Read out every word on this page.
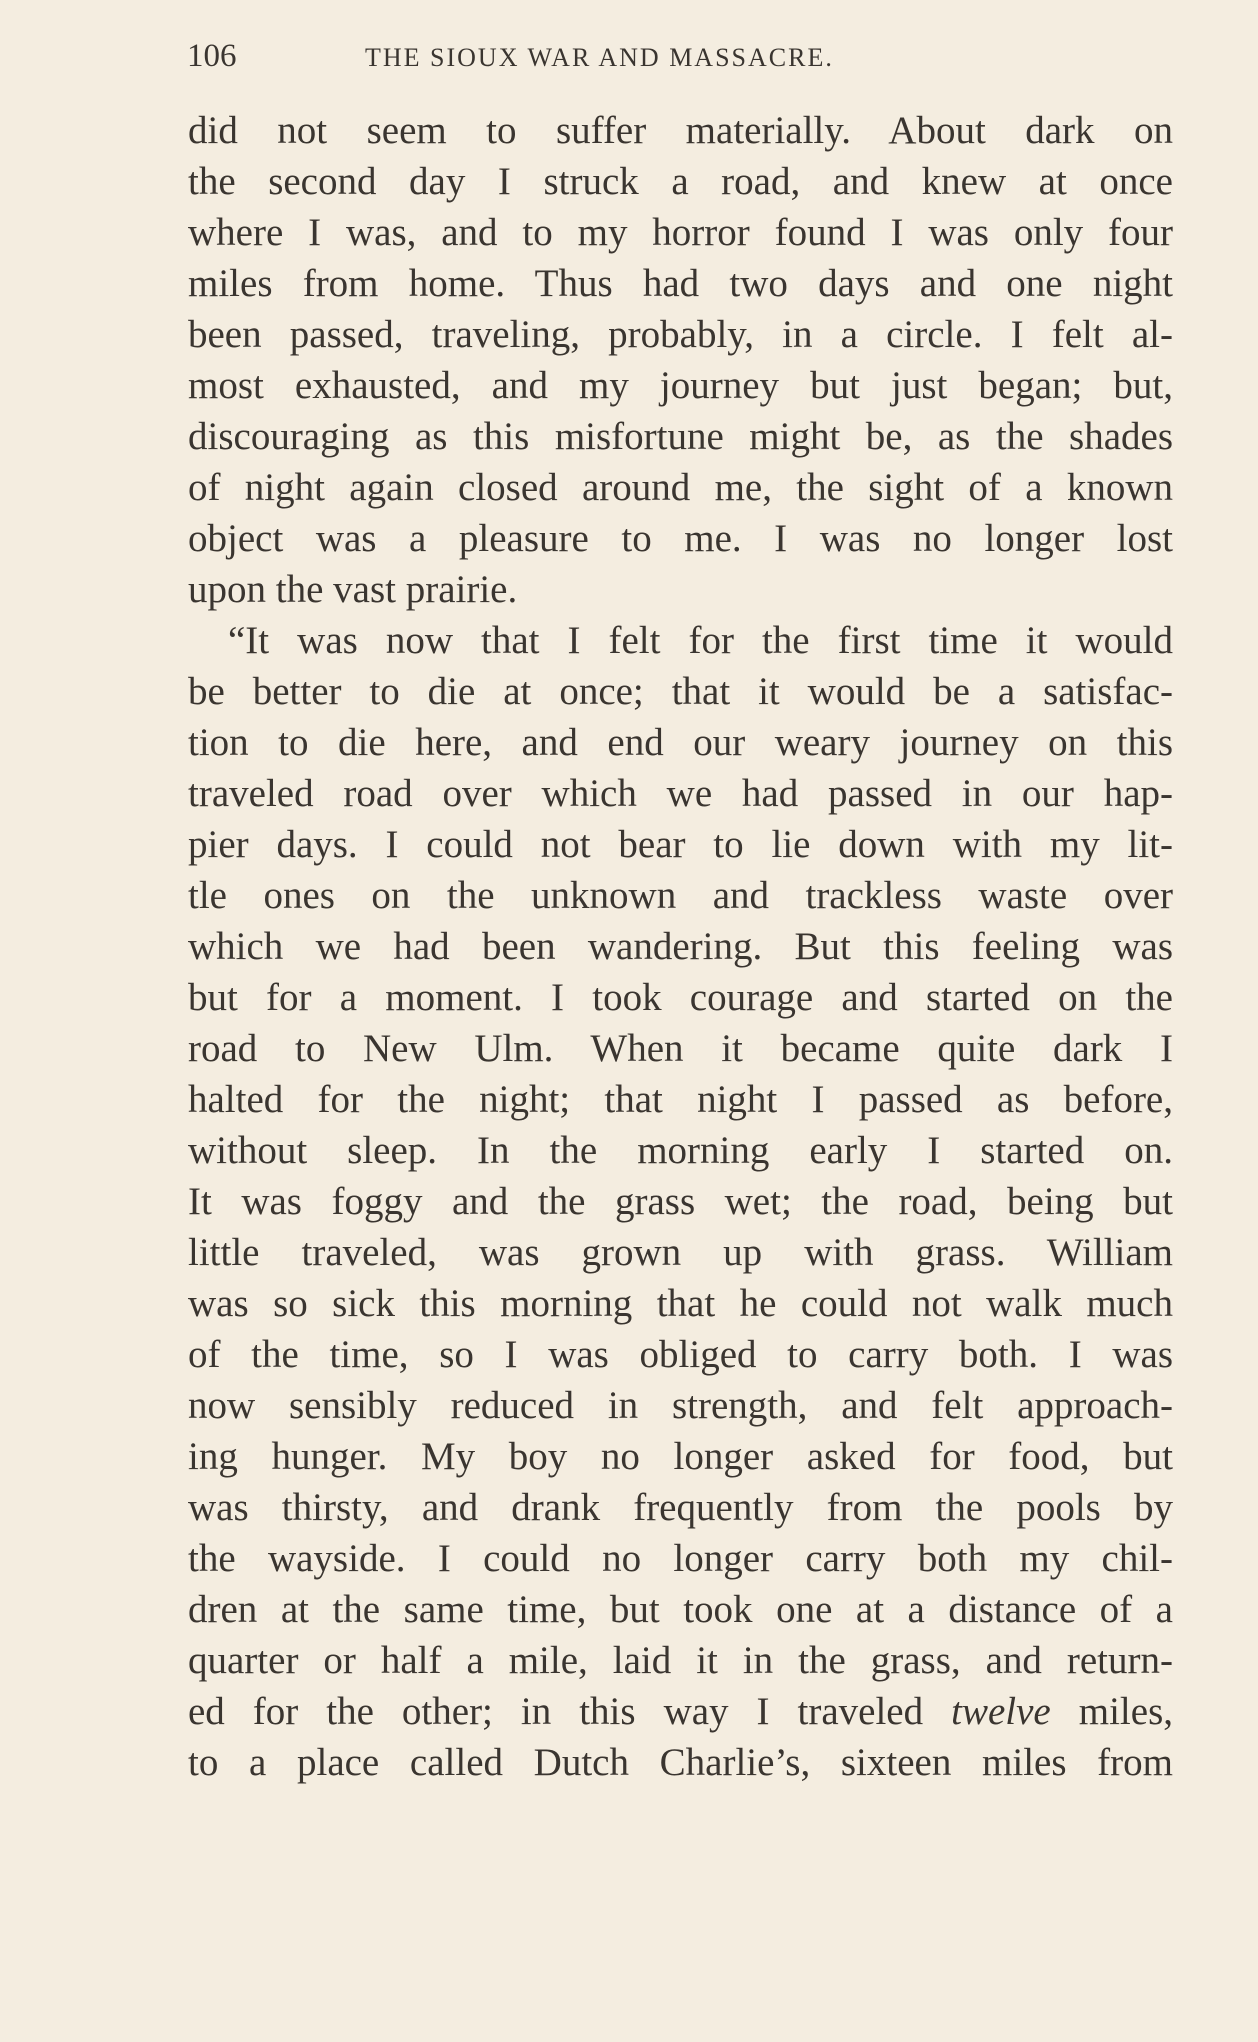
106	THE SIOUX WAR AND MASSACRE.
did not seem to suffer materially. About dark on
the second day I struck a road, and knew at once
where I was, and to my horror found I was only four
miles from home. Thus had two days and one night
been passed, traveling, probably, in a circle. I felt al-
most exhausted, and my journey but just began; but,
discouraging as this misfortune might be, as the shades
of night again closed around me, the sight of a known
object was a pleasure to me. I was no longer lost
upon the vast prairie.
“It was now that I felt for the first time it would
be better to die at once; that it would be a satisfac-
tion to die here, and end our weary journey on this
traveled road over which we had passed in our hap-
pier days. I could not bear to lie down with my lit-
tle ones on the unknown and trackless waste over
which we had been wandering. But this feeling was
but for a moment. I took courage and started on the
road to New Ulm. When it became quite dark I
halted for the night; that night I passed as before,
without sleep. In the morning early I started on.
It was foggy and the grass wet; the road, being but
little traveled, was grown up with grass. William
was so sick this morning that he could not walk much
of the time, so I was obliged to carry both. I was
now sensibly reduced in strength, and felt approach-
ing hunger. My boy no longer asked for food, but
was thirsty, and drank frequently from the pools by
the wayside. I could no longer carry both my chil-
dren at the same time, but took one at a distance of a
quarter or half a mile, laid it in the grass, and return-
ed for the other; in this way I traveled twelve miles,
to a place called Dutch Charlie’s, sixteen miles from
